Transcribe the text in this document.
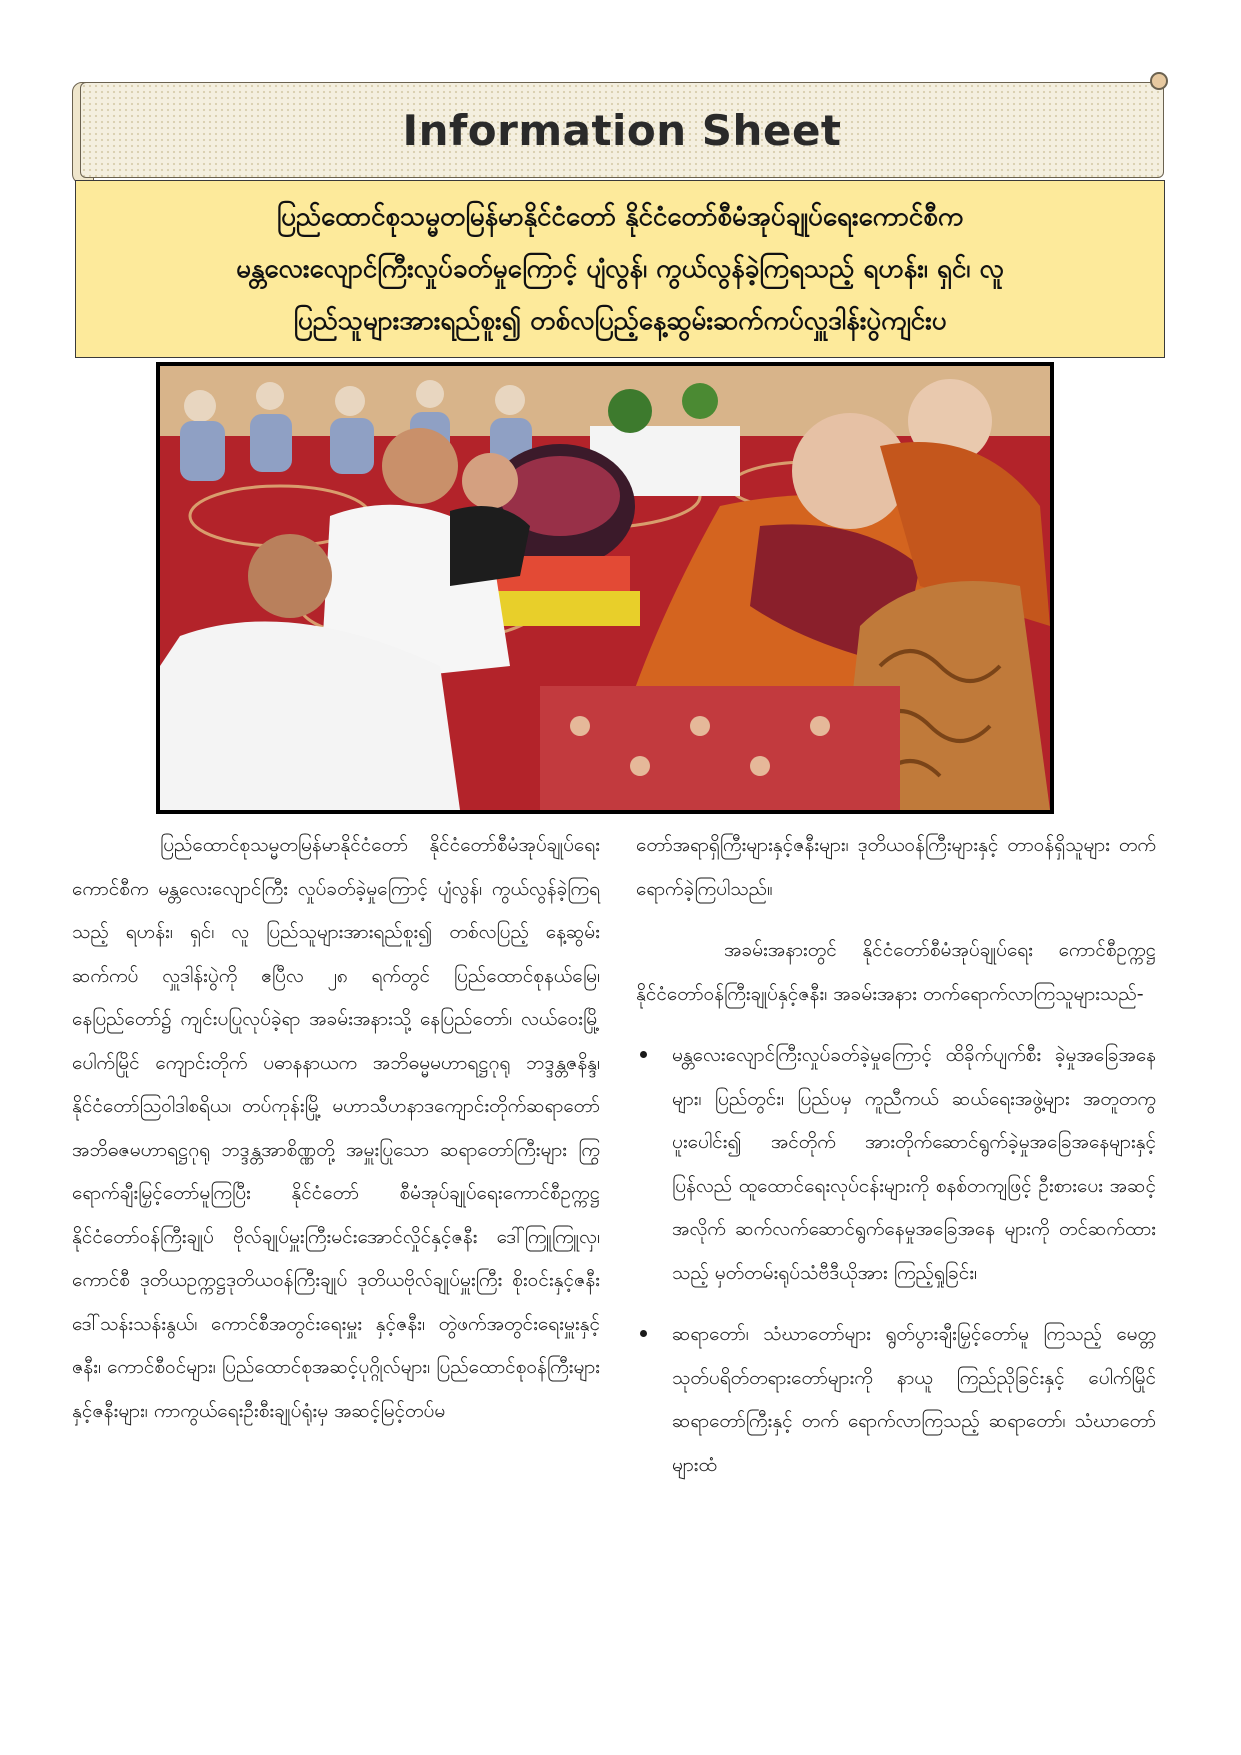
Information Sheet
ပြည်ထောင်စုသမ္မတမြန်မာနိုင်ငံတော် နိုင်ငံတော်စီမံအုပ်ချုပ်ရေးကောင်စီက
မန္တလေးလျောင်ကြီးလှုပ်ခတ်မှုကြောင့် ပျံလွန်၊ ကွယ်လွန်ခဲ့ကြရသည့် ရဟန်း၊ ရှင်၊ လူ
ပြည်သူများအားရည်စူး၍ တစ်လပြည့်နေ့ဆွမ်းဆက်ကပ်လှူဒါန်းပွဲကျင်းပ

ပြည်ထောင်စုသမ္မတမြန်မာနိုင်ငံတော် နိုင်ငံတော်စီမံအုပ်ချုပ်ရေးကောင်စီက မန္တလေးလျောင်ကြီး လှုပ်ခတ်ခဲ့မှုကြောင့် ပျံလွန်၊ ကွယ်လွန်ခဲ့ကြရသည့် ရဟန်း၊ ရှင်၊ လူ ပြည်သူများအားရည်စူး၍ တစ်လပြည့် နေ့ဆွမ်းဆက်ကပ် လှူဒါန်းပွဲကို ဧပြီလ ၂၈ ရက်တွင် ပြည်ထောင်စုနယ်မြေ၊ နေပြည်တော်၌ ကျင်းပပြုလုပ်ခဲ့ရာ အခမ်းအနားသို့ နေပြည်တော်၊ လယ်ဝေးမြို့ ပေါက်မြိုင် ကျောင်းတိုက် ပဓာနနာယက အဘိဓမ္မမဟာရဋ္ဌဂုရု ဘဒ္ဒန္တဇနိန္ဒ၊ နိုင်ငံတော်သြဝါဒါစရိယ၊ တပ်ကုန်းမြို့ မဟာသီဟနာဒကျောင်းတိုက်ဆရာတော် အဘိဓဇမဟာရဋ္ဌဂုရု ဘဒ္ဒန္တအာစိဏ္ဏတို့ အမှူးပြုသော ဆရာတော်ကြီးများ ကြွရောက်ချီးမြှင့်တော်မူကြပြီး နိုင်ငံတော် စီမံအုပ်ချုပ်ရေးကောင်စီဥက္ကဋ္ဌ နိုင်ငံတော်ဝန်ကြီးချုပ် ဗိုလ်ချုပ်မှူးကြီးမင်းအောင်လှိုင်နှင့်ဇနီး ဒေါ်ကြူကြူလှ၊ ကောင်စီ ဒုတိယဥက္ကဋ္ဌဒုတိယဝန်ကြီးချုပ် ဒုတိယဗိုလ်ချုပ်မှူးကြီး စိုးဝင်းနှင့်ဇနီး ဒေါ်သန်းသန်းနွယ်၊ ကောင်စီအတွင်းရေးမှူး နှင့်ဇနီး၊ တွဲဖက်အတွင်းရေးမှူးနှင့်ဇနီး၊ ကောင်စီဝင်များ၊ ပြည်ထောင်စုအဆင့်ပုဂ္ဂိုလ်များ၊ ပြည်ထောင်စုဝန်ကြီးများ နှင့်ဇနီးများ၊ ကာကွယ်ရေးဦးစီးချုပ်ရုံးမှ အဆင့်မြင့်တပ်မ

တော်အရာရှိကြီးများနှင့်ဇနီးများ၊ ဒုတိယဝန်ကြီးများနှင့် တာဝန်ရှိသူများ တက်ရောက်ခဲ့ကြပါသည်။

အခမ်းအနားတွင် နိုင်ငံတော်စီမံအုပ်ချုပ်ရေး ကောင်စီဥက္ကဋ္ဌ နိုင်ငံတော်ဝန်ကြီးချုပ်နှင့်ဇနီး၊ အခမ်းအနား တက်ရောက်လာကြသူများသည်-

မန္တလေးလျောင်ကြီးလှုပ်ခတ်ခဲ့မှုကြောင့် ထိခိုက်ပျက်စီး ခဲ့မှုအခြေအနေများ၊ ပြည်တွင်း၊ ပြည်ပမှ ကူညီကယ် ဆယ်ရေးအဖွဲ့များ အတူတကွပူးပေါင်း၍ အင်တိုက် အားတိုက်ဆောင်ရွက်ခဲ့မှုအခြေအနေများနှင့် ပြန်လည် ထူထောင်ရေးလုပ်ငန်းများကို စနစ်တကျဖြင့် ဦးစားပေး အဆင့်အလိုက် ဆက်လက်ဆောင်ရွက်နေမှုအခြေအနေ များကို တင်ဆက်ထားသည့် မှတ်တမ်းရုပ်သံဗီဒီယိုအား ကြည့်ရှုခြင်း၊
ဆရာတော်၊ သံဃာတော်များ ရွတ်ပွားချီးမြှင့်တော်မူ ကြသည့် မေတ္တသုတ်ပရိတ်တရားတော်များကို နာယူ ကြည်ညိုခြင်းနှင့် ပေါက်မြိုင်ဆရာတော်ကြီးနှင့် တက် ရောက်လာကြသည့် ဆရာတော်၊ သံဃာတော်များထံ
